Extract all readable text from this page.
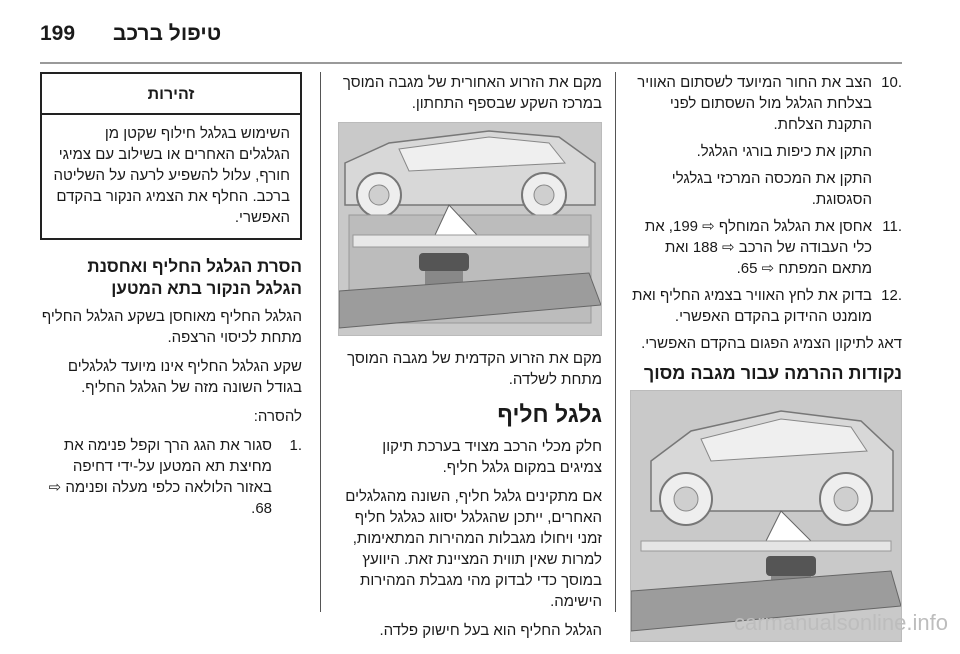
199 טיפול ברכב
.10
הצב את החור המיועד לשסתום האוויר בצלחת הגלגל מול השסתום לפני התקנת הצלחת.
התקן את כיפות בורגי הגלגל.
התקן את המכסה המרכזי בגלגלי הסגסוגת.
.11
אחסן את הגלגל המוחלף ⇨ 199, את כלי העבודה של הרכב ⇨ 188 ואת מתאם המפתח ⇨ 65.
.12
בדוק את לחץ האוויר בצמיג החליף ואת מומנט ההידוק בהקדם האפשרי.
דאג לתיקון הצמיג הפגום בהקדם האפשרי.
נקודות ההרמה עבור מגבה מסוך
מקם את הזרוע האחורית של מגבה המוסך במרכז השקע שבספף התחתון.
מקם את הזרוע הקדמית של מגבה המוסך מתחת לשלדה.
גלגל חליף
חלק מכלי הרכב מצויד בערכת תיקון צמיגים במקום גלגל חליף.
אם מתקינים גלגל חליף, השונה מהגלגלים האחרים, ייתכן שהגלגל יסווג כגלגל חליף זמני ויחולו מגבלות המהירות המתאימות, למרות שאין תווית המציינת זאת. היוועץ במוסך כדי לבדוק מהי מגבלת המהירות הישימה.
הגלגל החליף הוא בעל חישוק פלדה.
זהירות
השימוש בגלגל חילוף שקטן מן הגלגלים האחרים או בשילוב עם צמיגי חורף, עלול להשפיע לרעה על השליטה ברכב. החלף את הצמיג הנקור בהקדם האפשרי.
הסרת הגלגל החליף ואחסנת הגלגל הנקור בתא המטען
הגלגל החליף מאוחסן בשקע הגלגל החליף מתחת לכיסוי הרצפה.
שקע הגלגל החליף אינו מיועד לגלגלים בגודל השונה מזה של הגלגל החליף.
להסרה:
.1
סגור את הגג הרך וקפל פנימה את מחיצת תא המטען על-ידי דחיפה באזור הלולאה כלפי מעלה ופנימה ⇨ 68.
carmanualsonline.info
